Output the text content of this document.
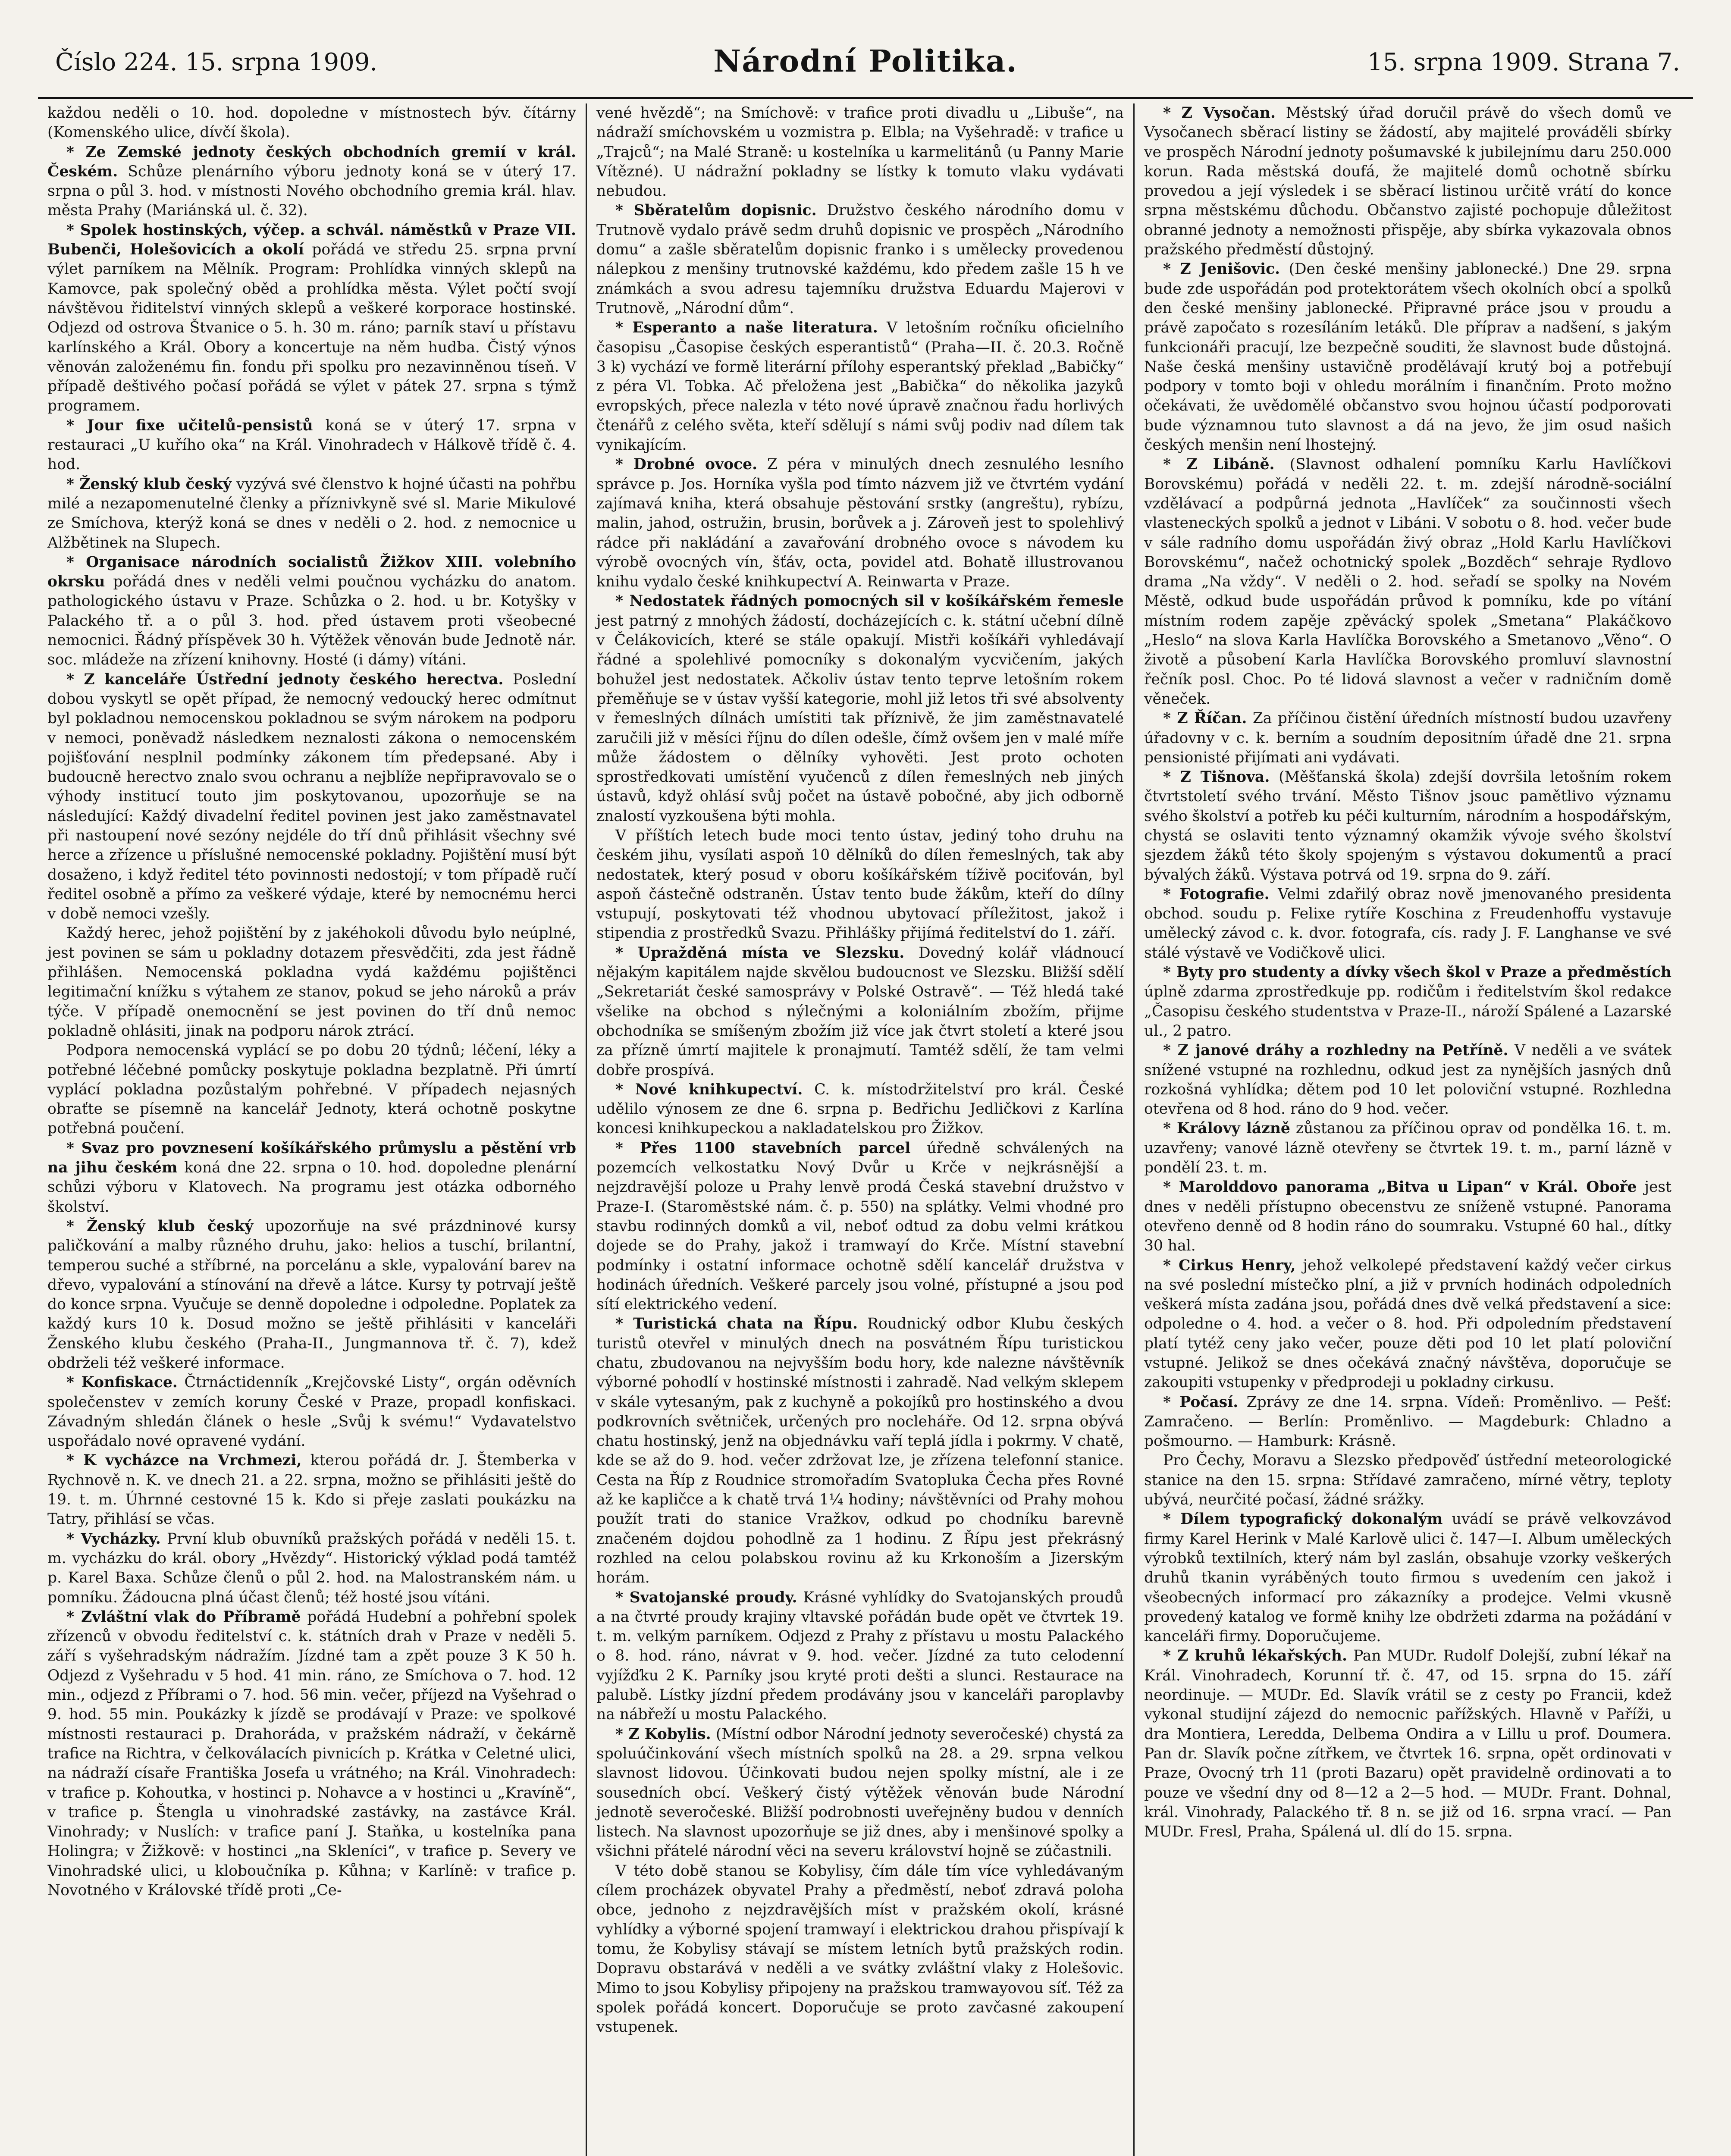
Číslo 224. 15. srpna 1909.	Národní Politika.	15. srpna 1909. Strana 7.

každou neděli o 10. hod. dopoledne v místnostech býv. čítárny (Komenského ulice, dívčí škola).

* Ze Zemské jednoty českých obchodních gremií v král. Českém. Schůze plenárního výboru jednoty koná se v úterý 17. srpna o půl 3. hod. v místnosti Nového obchodního gremia král. hlav. města Prahy (Mariánská ul. č. 32).

* Spolek hostinských, výčep. a schvál. náměstků v Praze VII. Bubenči, Holešovicích a okolí pořádá ve středu 25. srpna první výlet parníkem na Mělník. Program: Prohlídka vinných sklepů na Kamovce, pak společný oběd a prohlídka města. Výlet počtí svojí návštěvou řiditelství vinných sklepů a veškeré korporace hostinské. Odjezd od ostrova Štvanice o 5. h. 30 m. ráno; parník staví u přístavu karlínského a Král. Obory a koncertuje na něm hudba. Čistý výnos věnován založenému fin. fondu při spolku pro nezavinněnou tíseň. V případě deštivého počasí pořádá se výlet v pátek 27. srpna s týmž programem.

* Jour fixe učitelů-pensistů koná se v úterý 17. srpna v restauraci „U kuřího oka“ na Král. Vinohradech v Hálkově třídě č. 4. hod.

* Ženský klub český vyzývá své členstvo k hojné účasti na pohřbu milé a nezapomenutelné členky a příznivkyně své sl. Marie Mikulové ze Smíchova, kterýž koná se dnes v neděli o 2. hod. z nemocnice u Alžbětinek na Slupech.

* Organisace národních socialistů Žižkov XIII. volebního okrsku pořádá dnes v neděli velmi poučnou vycházku do anatom. pathologického ústavu v Praze. Schůzka o 2. hod. u br. Kotyšky v Palackého tř. a o půl 3. hod. před ústavem proti všeobecné nemocnici. Řádný příspěvek 30 h. Výtěžek věnován bude Jednotě nár. soc. mládeže na zřízení knihovny. Hosté (i dámy) vítáni.

* Z kanceláře Ústřední jednoty českého herectva. Poslední dobou vyskytl se opět případ, že nemocný vedoucký herec odmítnut byl pokladnou nemocenskou pokladnou se svým nárokem na podporu v nemoci, poněvadž následkem neznalosti zákona o nemocenském pojišťování nesplnil podmínky zákonem tím předepsané. Aby i budoucně herectvo znalo svou ochranu a nejblíže nepřipravovalo se o výhody institucí touto jim poskytovanou, upozorňuje se na následující: Každý divadelní ředitel povinen jest jako zaměstnavatel při nastoupení nové sezóny nejdéle do tří dnů přihlásit všechny své herce a zřízence u příslušné nemocenské pokladny. Pojištění musí být dosaženo, i když ředitel této povinnosti nedostojí; v tom případě ručí ředitel osobně a přímo za veškeré výdaje, které by nemocnému herci v době nemoci vzešly.

Každý herec, jehož pojištění by z jakéhokoli důvodu bylo neúplné, jest povinen se sám u pokladny dotazem přesvědčiti, zda jest řádně přihlášen. Nemocenská pokladna vydá každému pojištěnci legitimační knížku s výtahem ze stanov, pokud se jeho nároků a práv týče. V případě onemocnění se jest povinen do tří dnů nemoc pokladně ohlásiti, jinak na podporu nárok ztrácí.

Podpora nemocenská vyplácí se po dobu 20 týdnů; léčení, léky a potřebné léčebné pomůcky poskytuje pokladna bezplatně. Při úmrtí vyplácí pokladna pozůstalým pohřebné. V případech nejasných obraťte se písemně na kancelář Jednoty, která ochotně poskytne potřebná poučení.

* Svaz pro povznesení košíkářského průmyslu a pěstění vrb na jihu českém koná dne 22. srpna o 10. hod. dopoledne plenární schůzi výboru v Klatovech. Na programu jest otázka odborného školství.

* Ženský klub český upozorňuje na své prázdninové kursy paličkování a malby různého druhu, jako: helios a tuschí, brilantní, temperou suché a stříbrné, na porcelánu a skle, vypalování barev na dřevo, vypalování a stínování na dřevě a látce. Kursy ty potrvají ještě do konce srpna. Vyučuje se denně dopoledne i odpoledne. Poplatek za každý kurs 10 k. Dosud možno se ještě přihlásiti v kanceláři Ženského klubu českého (Praha-II., Jungmannova tř. č. 7), kdež obdrželi též veškeré informace.

* Konfiskace. Čtrnáctidenník „Krejčovské Listy“, orgán oděvních společenstev v zemích koruny České v Praze, propadl konfiskaci. Závadným shledán článek o hesle „Svůj k svému!“ Vydavatelstvo uspořádalo nové opravené vydání.

* K vycházce na Vrchmezi, kterou pořádá dr. J. Štemberka v Rychnově n. K. ve dnech 21. a 22. srpna, možno se přihlásiti ještě do 19. t. m. Úhrnné cestovné 15 k. Kdo si přeje zaslati poukázku na Tatry, přihlásí se včas.

* Vycházky. První klub obuvníků pražských pořádá v neděli 15. t. m. vycházku do král. obory „Hvězdy“. Historický výklad podá tamtéž p. Karel Baxa. Schůze členů o půl 2. hod. na Malostranském nám. u pomníku. Žádoucna plná účast členů; též hosté jsou vítáni.

* Zvláštní vlak do Příbramě pořádá Hudební a pohřební spolek zřízenců v obvodu ředitelství c. k. státních drah v Praze v neděli 5. září s vyšehradským nádražím. Jízdné tam a zpět pouze 3 K 50 h. Odjezd z Vyšehradu v 5 hod. 41 min. ráno, ze Smíchova o 7. hod. 12 min., odjezd z Příbrami o 7. hod. 56 min. večer, příjezd na Vyšehrad o 9. hod. 55 min. Poukázky k jízdě se prodávají v Praze: ve spolkové místnosti restauraci p. Drahoráda, v pražském nádraží, v čekárně trafice na Richtra, v čelkoválacích pivnicích p. Krátka v Celetné ulici, na nádraží císaře Františka Josefa u vrátného; na Král. Vinohradech: v trafice p. Kohoutka, v hostinci p. Nohavce a v hostinci u „Kravíně“, v trafice p. Štengla u vinohradské zastávky, na zastávce Král. Vinohrady; v Nuslích: v trafice paní J. Staňka, u kostelníka pana Holingra; v Žižkově: v hostinci „na Skleníci“, v trafice p. Severy ve Vinohradské ulici, u kloboučníka p. Kůhna; v Karlíně: v trafice p. Novotného v Královské třídě proti „Ce-

vené hvězdě“; na Smíchově: v trafice proti divadlu u „Libuše“, na nádraží smíchovském u vozmistra p. Elbla; na Vyšehradě: v trafice u „Trajců“; na Malé Straně: u kostelníka u karmelitánů (u Panny Marie Vítězné). U nádražní pokladny se lístky k tomuto vlaku vydávati nebudou.

* Sběratelům dopisnic. Družstvo českého národního domu v Trutnově vydalo právě sedm druhů dopisnic ve prospěch „Národního domu“ a zašle sběratelům dopisnic franko i s umělecky provedenou nálepkou z menšiny trutnovské každému, kdo předem zašle 15 h ve známkách a svou adresu tajemníku družstva Eduardu Majerovi v Trutnově, „Národní dům“.

* Esperanto a naše literatura. V letošním ročníku oficielního časopisu „Časopise českých esperantistů“ (Praha—II. č. 20.3. Ročně 3 k) vychází ve formě literární přílohy esperantský překlad „Babičky“ z péra Vl. Tobka. Ač přeložena jest „Babička“ do několika jazyků evropských, přece nalezla v této nové úpravě značnou řadu horlivých čtenářů z celého světa, kteří sdělují s námi svůj podiv nad dílem tak vynikajícím.

* Drobné ovoce. Z péra v minulých dnech zesnulého lesního správce p. Jos. Horníka vyšla pod tímto názvem již ve čtvrtém vydání zajímavá kniha, která obsahuje pěstování srstky (angreštu), rybízu, malin, jahod, ostružin, brusin, borůvek a j. Zároveň jest to spolehlivý rádce při nakládání a zavařování drobného ovoce s návodem ku výrobě ovocných vín, šťáv, octa, povidel atd. Bohatě illustrovanou knihu vydalo české knihkupectví A. Reinwarta v Praze.

* Nedostatek řádných pomocných sil v košíkářském řemesle jest patrný z mnohých žádostí, docházejících c. k. státní učební dílně v Čelákovicích, které se stále opakují. Mistři košíkáři vyhledávají řádné a spolehlivé pomocníky s dokonalým vycvičením, jakých bohužel jest nedostatek. Ačkoliv ústav tento teprve letošním rokem přeměňuje se v ústav vyšší kategorie, mohl již letos tři své absolventy v řemeslných dílnách umístiti tak příznivě, že jim zaměstnavatelé zaručili již v měsíci říjnu do dílen odešle, čímž ovšem jen v malé míře může žádostem o dělníky vyhověti. Jest proto ochoten sprostředkovati umístění vyučenců z dílen řemeslných neb jiných ústavů, když ohlásí svůj počet na ústavě pobočné, aby jich odborně znalostí vyzkoušena býti mohla.

V příštích letech bude moci tento ústav, jediný toho druhu na českém jihu, vysílati aspoň 10 dělníků do dílen řemeslných, tak aby nedostatek, který posud v oboru košíkářském tíživě pociťován, byl aspoň částečně odstraněn. Ústav tento bude žákům, kteří do dílny vstupují, poskytovati též vhodnou ubytovací příležitost, jakož i stipendia z prostředků Svazu. Přihlášky přijímá ředitelství do 1. září.

* Upražděná místa ve Slezsku. Dovedný kolář vládnoucí nějakým kapitálem najde skvělou budoucnost ve Slezsku. Bližší sdělí „Sekretariát české samosprávy v Polské Ostravě“. — Též hledá také všelike na obchod s nýlečnými a koloniálním zbožím, přijme obchodníka se smíšeným zbožím již více jak čtvrt století a které jsou za přízně úmrtí majitele k pronajmutí. Tamtéž sdělí, že tam velmi dobře prospívá.

* Nové knihkupectví. C. k. místodržitelství pro král. České udělilo výnosem ze dne 6. srpna p. Bedřichu Jedličkovi z Karlína koncesi knihkupeckou a nakladatelskou pro Žižkov.

* Přes 1100 stavebních parcel úředně schválených na pozemcích velkostatku Nový Dvůr u Krče v nejkrásnější a nejzdravější poloze u Prahy lenvě prodá Česká stavební družstvo v Praze-I. (Staroměstské nám. č. p. 550) na splátky. Velmi vhodné pro stavbu rodinných domků a vil, neboť odtud za dobu velmi krátkou dojede se do Prahy, jakož i tramwayí do Krče. Místní stavební podmínky i ostatní informace ochotně sdělí kancelář družstva v hodinách úředních. Veškeré parcely jsou volné, přístupné a jsou pod sítí elektrického vedení.

* Turistická chata na Řípu. Roudnický odbor Klubu českých turistů otevřel v minulých dnech na posvátném Řípu turistickou chatu, zbudovanou na nejvyšším bodu hory, kde nalezne návštěvník výborné pohodlí v hostinské místnosti i zahradě. Nad velkým sklepem v skále vytesaným, pak z kuchyně a pokojíků pro hostinského a dvou podkrovních světniček, určených pro nocleháře. Od 12. srpna obývá chatu hostinský, jenž na objednávku vaří teplá jídla i pokrmy. V chatě, kde se až do 9. hod. večer zdržovat lze, je zřízena telefonní stanice. Cesta na Říp z Roudnice stromořadím Svatopluka Čecha přes Rovné až ke kapličce a k chatě trvá 1¼ hodiny; návštěvníci od Prahy mohou použít trati do stanice Vražkov, odkud po chodníku barevně značeném dojdou pohodlně za 1 hodinu. Z Řípu jest překrásný rozhled na celou polabskou rovinu až ku Krkonoším a Jizerským horám.

* Svatojanské proudy. Krásné vyhlídky do Svatojanských proudů a na čtvrté proudy krajiny vltavské pořádán bude opět ve čtvrtek 19. t. m. velkým parníkem. Odjezd z Prahy z přístavu u mostu Palackého o 8. hod. ráno, návrat v 9. hod. večer. Jízdné za tuto celodenní vyjížďku 2 K. Parníky jsou kryté proti dešti a slunci. Restaurace na palubě. Lístky jízdní předem prodávány jsou v kanceláři paroplavby na nábřeží u mostu Palackého.

* Z Kobylis. (Místní odbor Národní jednoty severočeské) chystá za spoluúčinkování všech místních spolků na 28. a 29. srpna velkou slavnost lidovou. Účinkovati budou nejen spolky místní, ale i ze sousedních obcí. Veškerý čistý výtěžek věnován bude Národní jednotě severočeské. Bližší podrobnosti uveřejněny budou v denních listech. Na slavnost upozorňuje se již dnes, aby i menšinové spolky a všichni přátelé národní věci na severu království hojně se zúčastnili.

V této době stanou se Kobylisy, čím dále tím více vyhledávaným cílem procházek obyvatel Prahy a předměstí, neboť zdravá poloha obce, jednoho z nejzdravějších míst v pražském okolí, krásné vyhlídky a výborné spojení tramwayí i elektrickou drahou přispívají k tomu, že Kobylisy stávají se místem letních bytů pražských rodin. Dopravu obstarává v neděli a ve svátky zvláštní vlaky z Holešovic. Mimo to jsou Kobylisy připojeny na pražskou tramwayovou síť. Též za spolek pořádá koncert. Doporučuje se proto zavčasné zakoupení vstupenek.

* Z Vysočan. Městský úřad doručil právě do všech domů ve Vysočanech sběrací listiny se žádostí, aby majitelé prováděli sbírky ve prospěch Národní jednoty pošumavské k jubilejnímu daru 250.000 korun. Rada městská doufá, že majitelé domů ochotně sbírku provedou a její výsledek i se sběrací listinou určitě vrátí do konce srpna městskému důchodu. Občanstvo zajisté pochopuje důležitost obranné jednoty a nemožnosti přispěje, aby sbírka vykazovala obnos pražského předměstí důstojný.

* Z Jenišovic. (Den české menšiny jablonecké.) Dne 29. srpna bude zde uspořádán pod protektorátem všech okolních obcí a spolků den české menšiny jablonecké. Připravné práce jsou v proudu a právě započato s rozesíláním letáků. Dle příprav a nadšení, s jakým funkcionáři pracují, lze bezpečně souditi, že slavnost bude důstojná. Naše česká menšiny ustavičně prodělávají krutý boj a potřebují podpory v tomto boji v ohledu morálním i finančním. Proto možno očekávati, že uvědomělé občanstvo svou hojnou účastí podporovati bude významnou tuto slavnost a dá na jevo, že jim osud našich českých menšin není lhostejný.

* Z Libáně. (Slavnost odhalení pomníku Karlu Havlíčkovi Borovskému) pořádá v neděli 22. t. m. zdejší národně-sociální vzdělávací a podpůrná jednota „Havlíček“ za součinnosti všech vlasteneckých spolků a jednot v Libáni. V sobotu o 8. hod. večer bude v sále radního domu uspořádán živý obraz „Hold Karlu Havlíčkovi Borovskému“, načež ochotnický spolek „Bozděch“ sehraje Rydlovo drama „Na vždy“. V neděli o 2. hod. seřadí se spolky na Novém Městě, odkud bude uspořádán průvod k pomníku, kde po vítání místním rodem zapěje zpěvácký spolek „Smetana“ Plakáčkovo „Heslo“ na slova Karla Havlíčka Borovského a Smetanovo „Věno“. O životě a působení Karla Havlíčka Borovského promluví slavnostní řečník posl. Choc. Po té lidová slavnost a večer v radničním domě věneček.

* Z Říčan. Za příčinou čistění úředních místností budou uzavřeny úřadovny v c. k. berním a soudním depositním úřadě dne 21. srpna pensionisté přijímati ani vydávati.

* Z Tišnova. (Měšťanská škola) zdejší dovršila letošním rokem čtvrtstoletí svého trvání. Město Tišnov jsouc pamětlivo významu svého školství a potřeb ku péči kulturním, národním a hospodářským, chystá se oslaviti tento významný okamžik vývoje svého školství sjezdem žáků této školy spojeným s výstavou dokumentů a prací bývalých žáků. Výstava potrvá od 19. srpna do 9. září.

* Fotografie. Velmi zdařilý obraz nově jmenovaného presidenta obchod. soudu p. Felixe rytíře Koschina z Freudenhoffu vystavuje umělecký závod c. k. dvor. fotografa, cís. rady J. F. Langhanse ve své stálé výstavě ve Vodičkově ulici.

* Byty pro studenty a dívky všech škol v Praze a předměstích úplně zdarma zprostředkuje pp. rodičům i ředitelstvím škol redakce „Časopisu českého studentstva v Praze-II., nároží Spálené a Lazarské ul., 2 patro.

* Z janové dráhy a rozhledny na Petříně. V neděli a ve svátek snížené vstupné na rozhlednu, odkud jest za nynějších jasných dnů rozkošná vyhlídka; dětem pod 10 let poloviční vstupné. Rozhledna otevřena od 8 hod. ráno do 9 hod. večer.

* Královy lázně zůstanou za příčinou oprav od pondělka 16. t. m. uzavřeny; vanové lázně otevřeny se čtvrtek 19. t. m., parní lázně v pondělí 23. t. m.

* Marolddovo panorama „Bitva u Lipan“ v Král. Oboře jest dnes v neděli přístupno obecenstvu ze sníženě vstupné. Panorama otevřeno denně od 8 hodin ráno do soumraku. Vstupné 60 hal., dítky 30 hal.

* Cirkus Henry, jehož velkolepé představení každý večer cirkus na své poslední místečko plní, a již v prvních hodinách odpoledních veškerá místa zadána jsou, pořádá dnes dvě velká představení a sice: odpoledne o 4. hod. a večer o 8. hod. Při odpoledním představení platí tytéž ceny jako večer, pouze děti pod 10 let platí poloviční vstupné. Jelikož se dnes očekává značný návštěva, doporučuje se zakoupiti vstupenky v předprodeji u pokladny cirkusu.

* Počasí. Zprávy ze dne 14. srpna. Vídeň: Proměnlivo. — Pešť: Zamračeno. — Berlín: Proměnlivo. — Magdeburk: Chladno a pošmourno. — Hamburk: Krásně.

Pro Čechy, Moravu a Slezsko předpověď ústřední meteorologické stanice na den 15. srpna: Střídavé zamračeno, mírné větry, teploty ubývá, neurčité počasí, žádné srážky.

* Dílem typografický dokonalým uvádí se právě velkovzávod firmy Karel Herink v Malé Karlově ulici č. 147—I. Album uměleckých výrobků textilních, který nám byl zaslán, obsahuje vzorky veškerých druhů tkanin vyráběných touto firmou s uvedením cen jakož i všeobecných informací pro zákazníky a prodejce. Velmi vkusně provedený katalog ve formě knihy lze obdržeti zdarma na požádání v kanceláři firmy. Doporučujeme.

* Z kruhů lékařských. Pan MUDr. Rudolf Dolejší, zubní lékař na Král. Vinohradech, Korunní tř. č. 47, od 15. srpna do 15. září neordinuje. — MUDr. Ed. Slavík vrátil se z cesty po Francii, kdež vykonal studijní zájezd do nemocnic pařížských. Hlavně v Paříži, u dra Montiera, Leredda, Delbema Ondira a v Lillu u prof. Doumera. Pan dr. Slavík počne zítřkem, ve čtvrtek 16. srpna, opět ordinovati v Praze, Ovocný trh 11 (proti Bazaru) opět pravidelně ordinovati a to pouze ve všední dny od 8—12 a 2—5 hod. — MUDr. Frant. Dohnal, král. Vinohrady, Palackého tř. 8 n. se již od 16. srpna vrací. — Pan MUDr. Fresl, Praha, Spálená ul. dlí do 15. srpna.
